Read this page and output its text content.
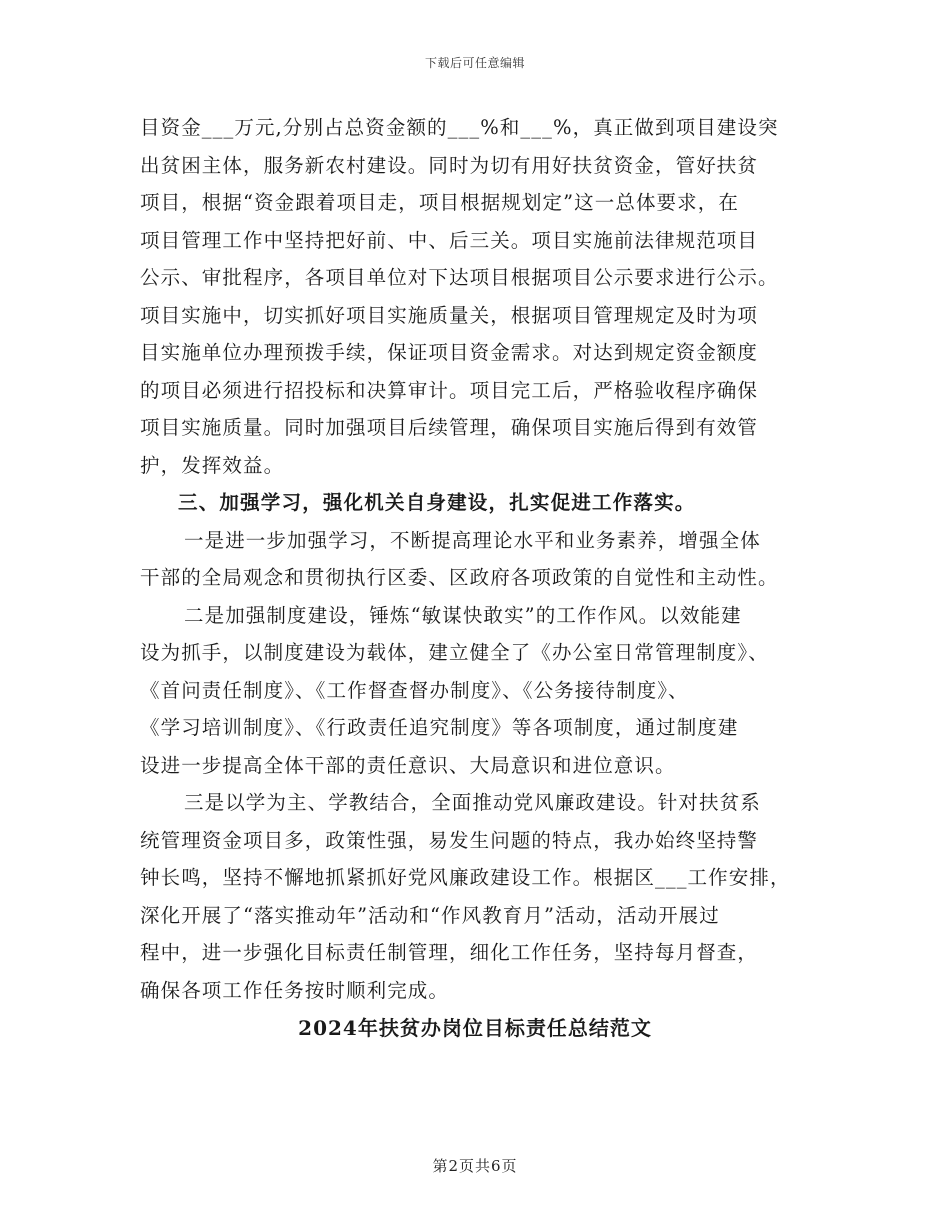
下载后可任意编辑
目资金___万元,分别占总资金额的___%和___%，真正做到项目建设突
出贫困主体，服务新农村建设。同时为切有用好扶贫资金，管好扶贫
项目，根据“资金跟着项目走，项目根据规划定”这一总体要求，在
项目管理工作中坚持把好前、中、后三关。项目实施前法律规范项目
公示、审批程序，各项目单位对下达项目根据项目公示要求进行公示。
项目实施中，切实抓好项目实施质量关，根据项目管理规定及时为项
目实施单位办理预拨手续，保证项目资金需求。对达到规定资金额度
的项目必须进行招投标和决算审计。项目完工后，严格验收程序确保
项目实施质量。同时加强项目后续管理，确保项目实施后得到有效管
护，发挥效益。
三、加强学习，强化机关自身建设，扎实促进工作落实。
一是进一步加强学习，不断提高理论水平和业务素养，增强全体
干部的全局观念和贯彻执行区委、区政府各项政策的自觉性和主动性。
二是加强制度建设，锤炼“敏谋快敢实”的工作作风。以效能建
设为抓手，以制度建设为载体，建立健全了《办公室日常管理制度》、
《首问责任制度》、《工作督查督办制度》、《公务接待制度》、
《学习培训制度》、《行政责任追究制度》等各项制度，通过制度建
设进一步提高全体干部的责任意识、大局意识和进位意识。
三是以学为主、学教结合，全面推动党风廉政建设。针对扶贫系
统管理资金项目多，政策性强，易发生问题的特点，我办始终坚持警
钟长鸣，坚持不懈地抓紧抓好党风廉政建设工作。根据区___工作安排，
深化开展了“落实推动年”活动和“作风教育月”活动，活动开展过
程中，进一步强化目标责任制管理，细化工作任务，坚持每月督查，
确保各项工作任务按时顺利完成。
2024年扶贫办岗位目标责任总结范文
第2页共6页
